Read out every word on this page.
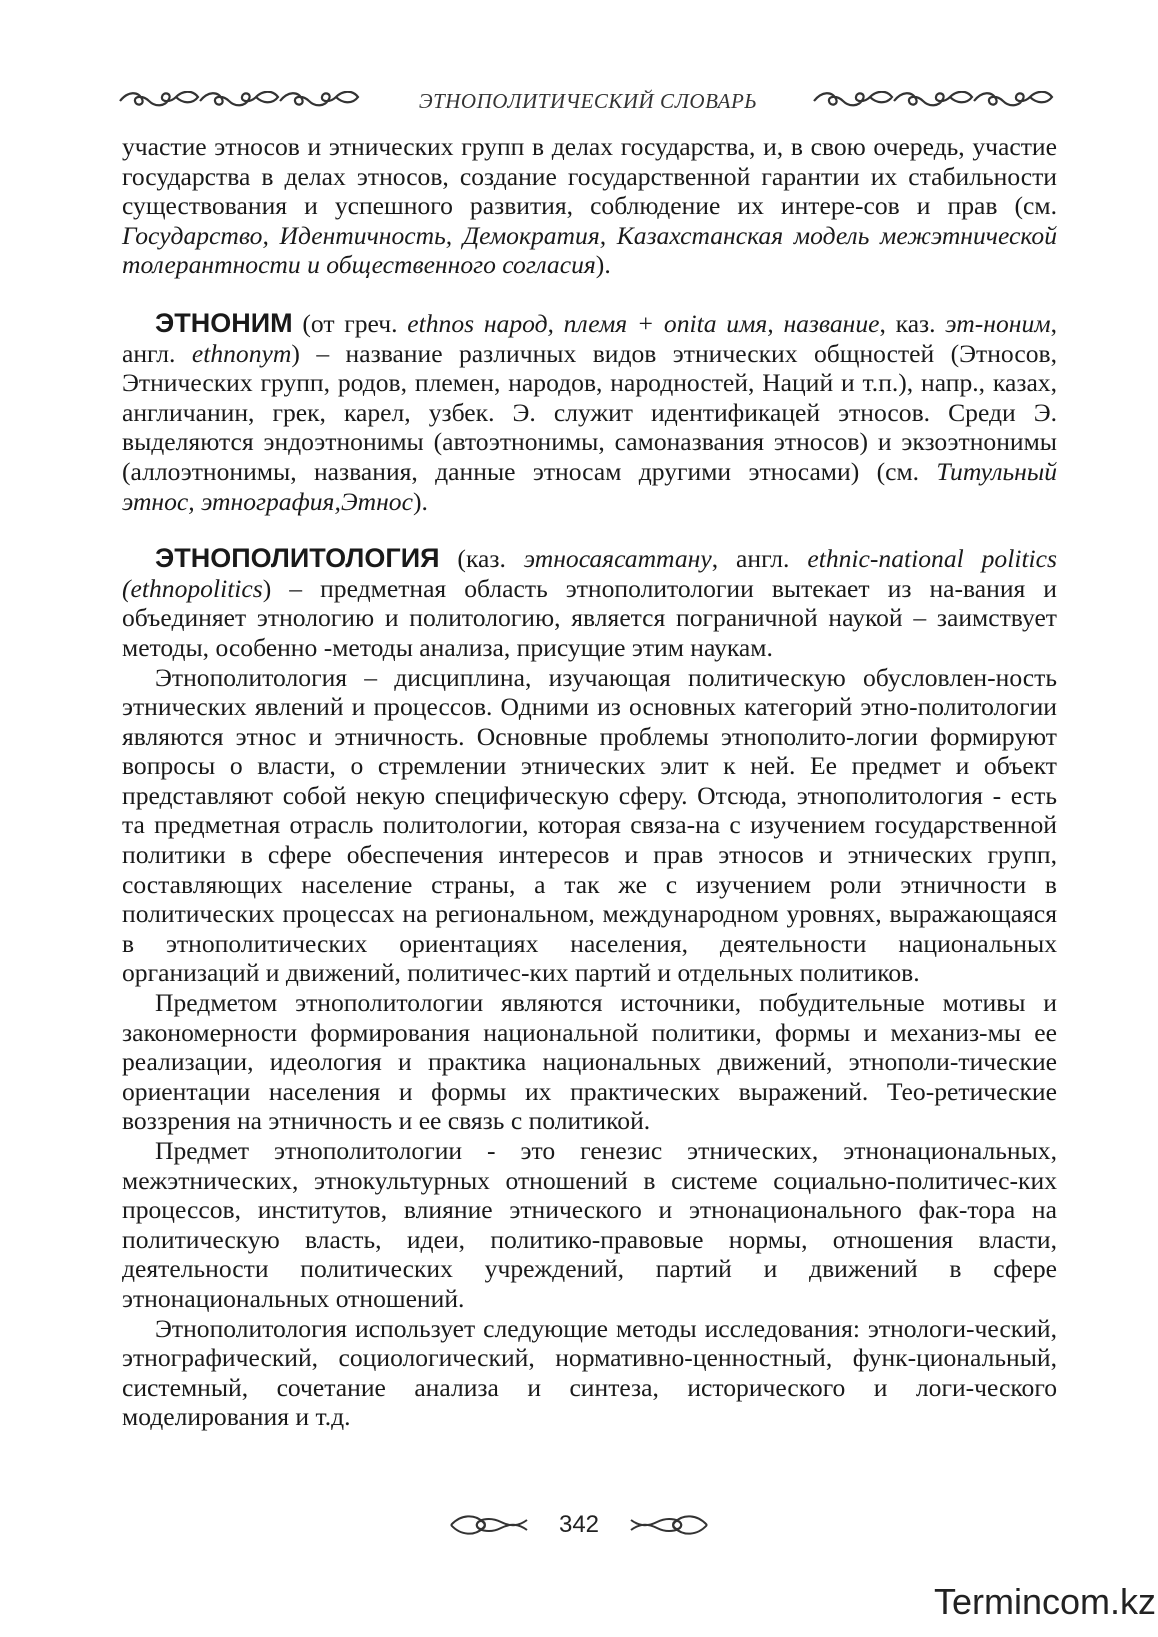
ЭТНОПОЛИТИЧЕСКИЙ СЛОВАРЬ

участие этносов и этнических групп в делах государства, и, в свою очередь, участие государства в делах этносов, создание государственной гарантии их стабильности существования и успешного развития, соблюдение их интере-сов и прав (см. Государство, Идентичность, Демократия, Казахстанская модель межэтнической толерантности и общественного согласия).

ЭТНОНИМ (от греч. ethnos народ, племя + onita имя, название, каз. эт-ноним, англ. ethnonym) – название различных видов этнических общностей (Этносов, Этнических групп, родов, племен, народов, народностей, Наций и т.п.), напр., казах, англичанин, грек, карел, узбек. Э. служит идентификацей этносов. Среди Э. выделяются эндоэтнонимы (автоэтнонимы, самоназвания этносов) и экзоэтнонимы (аллоэтнонимы, названия, данные этносам другими этносами) (см. Титульный этнос, этнография,Этнос).

ЭТНОПОЛИТОЛОГИЯ (каз. этносаясаттану, англ. ethnic-national politics (ethnopolitics) – предметная область этнополитологии вытекает из на-вания и объединяет этнологию и политологию, является пограничной наукой – заимствует методы, особенно -методы анализа, присущие этим наукам.

Этнополитология – дисциплина, изучающая политическую обусловлен-ность этнических явлений и процессов. Одними из основных категорий этно-политологии являются этнос и этничность. Основные проблемы этнополито-логии формируют вопросы о власти, о стремлении этнических элит к ней. Ее предмет и объект представляют собой некую специфическую сферу. Отсюда, этнополитология - есть та предметная отрасль политологии, которая связа-на с изучением государственной политики в сфере обеспечения интересов и прав этносов и этнических групп, составляющих население страны, а так же с изучением роли этничности в политических процессах на региональном, международном уровнях, выражающаяся в этнополитических ориентациях населения, деятельности национальных организаций и движений, политичес-ких партий и отдельных политиков.

Предметом этнополитологии являются источники, побудительные мотивы и закономерности формирования национальной политики, формы и механиз-мы ее реализации, идеология и практика национальных движений, этнополи-тические ориентации населения и формы их практических выражений. Тео-ретические воззрения на этничность и ее связь с политикой.

Предмет этнополитологии - это генезис этнических, этнонациональных, межэтнических, этнокультурных отношений в системе социально-политичес-ких процессов, институтов, влияние этнического и этнонационального фак-тора на политическую власть, идеи, политико-правовые нормы, отношения власти, деятельности политических учреждений, партий и движений в сфере этнонациональных отношений.

Этнополитология использует следующие методы исследования: этнологи-ческий, этнографический, социологический, нормативно-ценностный, функ-циональный, системный, сочетание анализа и синтеза, исторического и логи-ческого моделирования и т.д.

342
Termincom.kz
